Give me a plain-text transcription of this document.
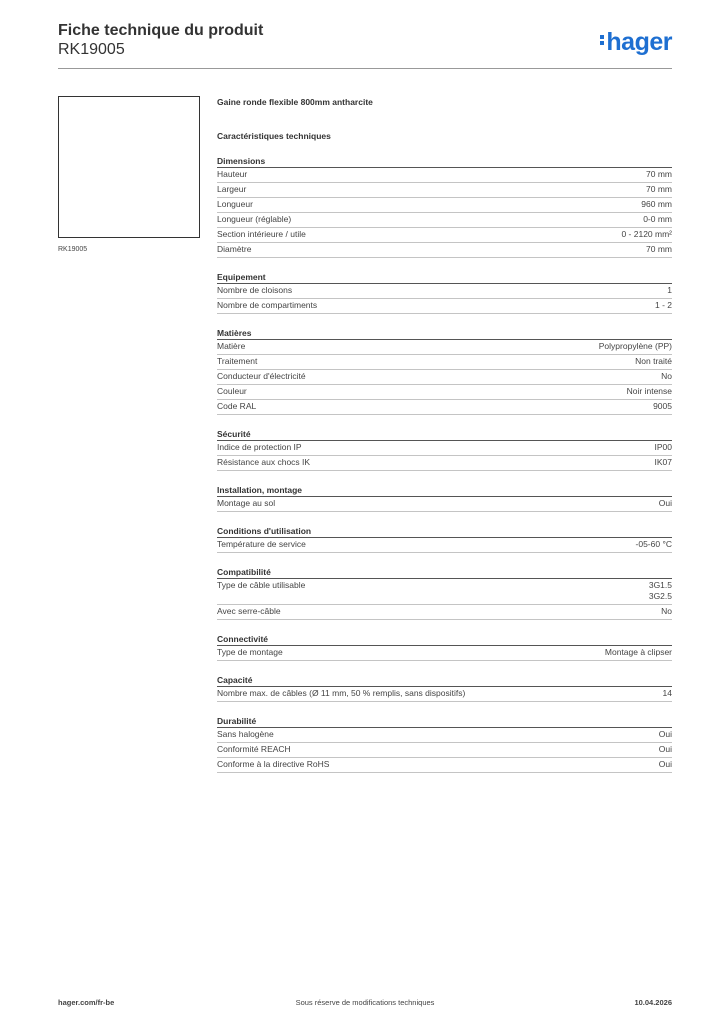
Fiche technique du produit
RK19005	hager
RK19005
Gaine ronde flexible 800mm antharcite
Caractéristiques techniques
Dimensions
Hauteur	70 mm
Largeur	70 mm
Longueur	960 mm
Longueur (réglable)	0-0 mm
Section intérieure / utile	0 - 2120 mm²
Diamètre	70 mm
Equipement
Nombre de cloisons	1
Nombre de compartiments	1 - 2
Matières
Matière	Polypropylène (PP)
Traitement	Non traité
Conducteur d'électricité	No
Couleur	Noir intense
Code RAL	9005
Sécurité
Indice de protection IP	IP00
Résistance aux chocs IK	IK07
Installation, montage
Montage au sol	Oui
Conditions d'utilisation
Température de service	-05-60 °C
Compatibilité
Type de câble utilisable	3G1.5
3G2.5
Avec serre-câble	No
Connectivité
Type de montage	Montage à clipser
Capacité
Nombre max. de câbles (Ø 11 mm, 50 % remplis, sans dispositifs)	14
Durabilité
Sans halogène	Oui
Conformité REACH	Oui
Conforme à la directive RoHS	Oui
hager.com/fr-be	Sous réserve de modifications techniques	10.04.2026
